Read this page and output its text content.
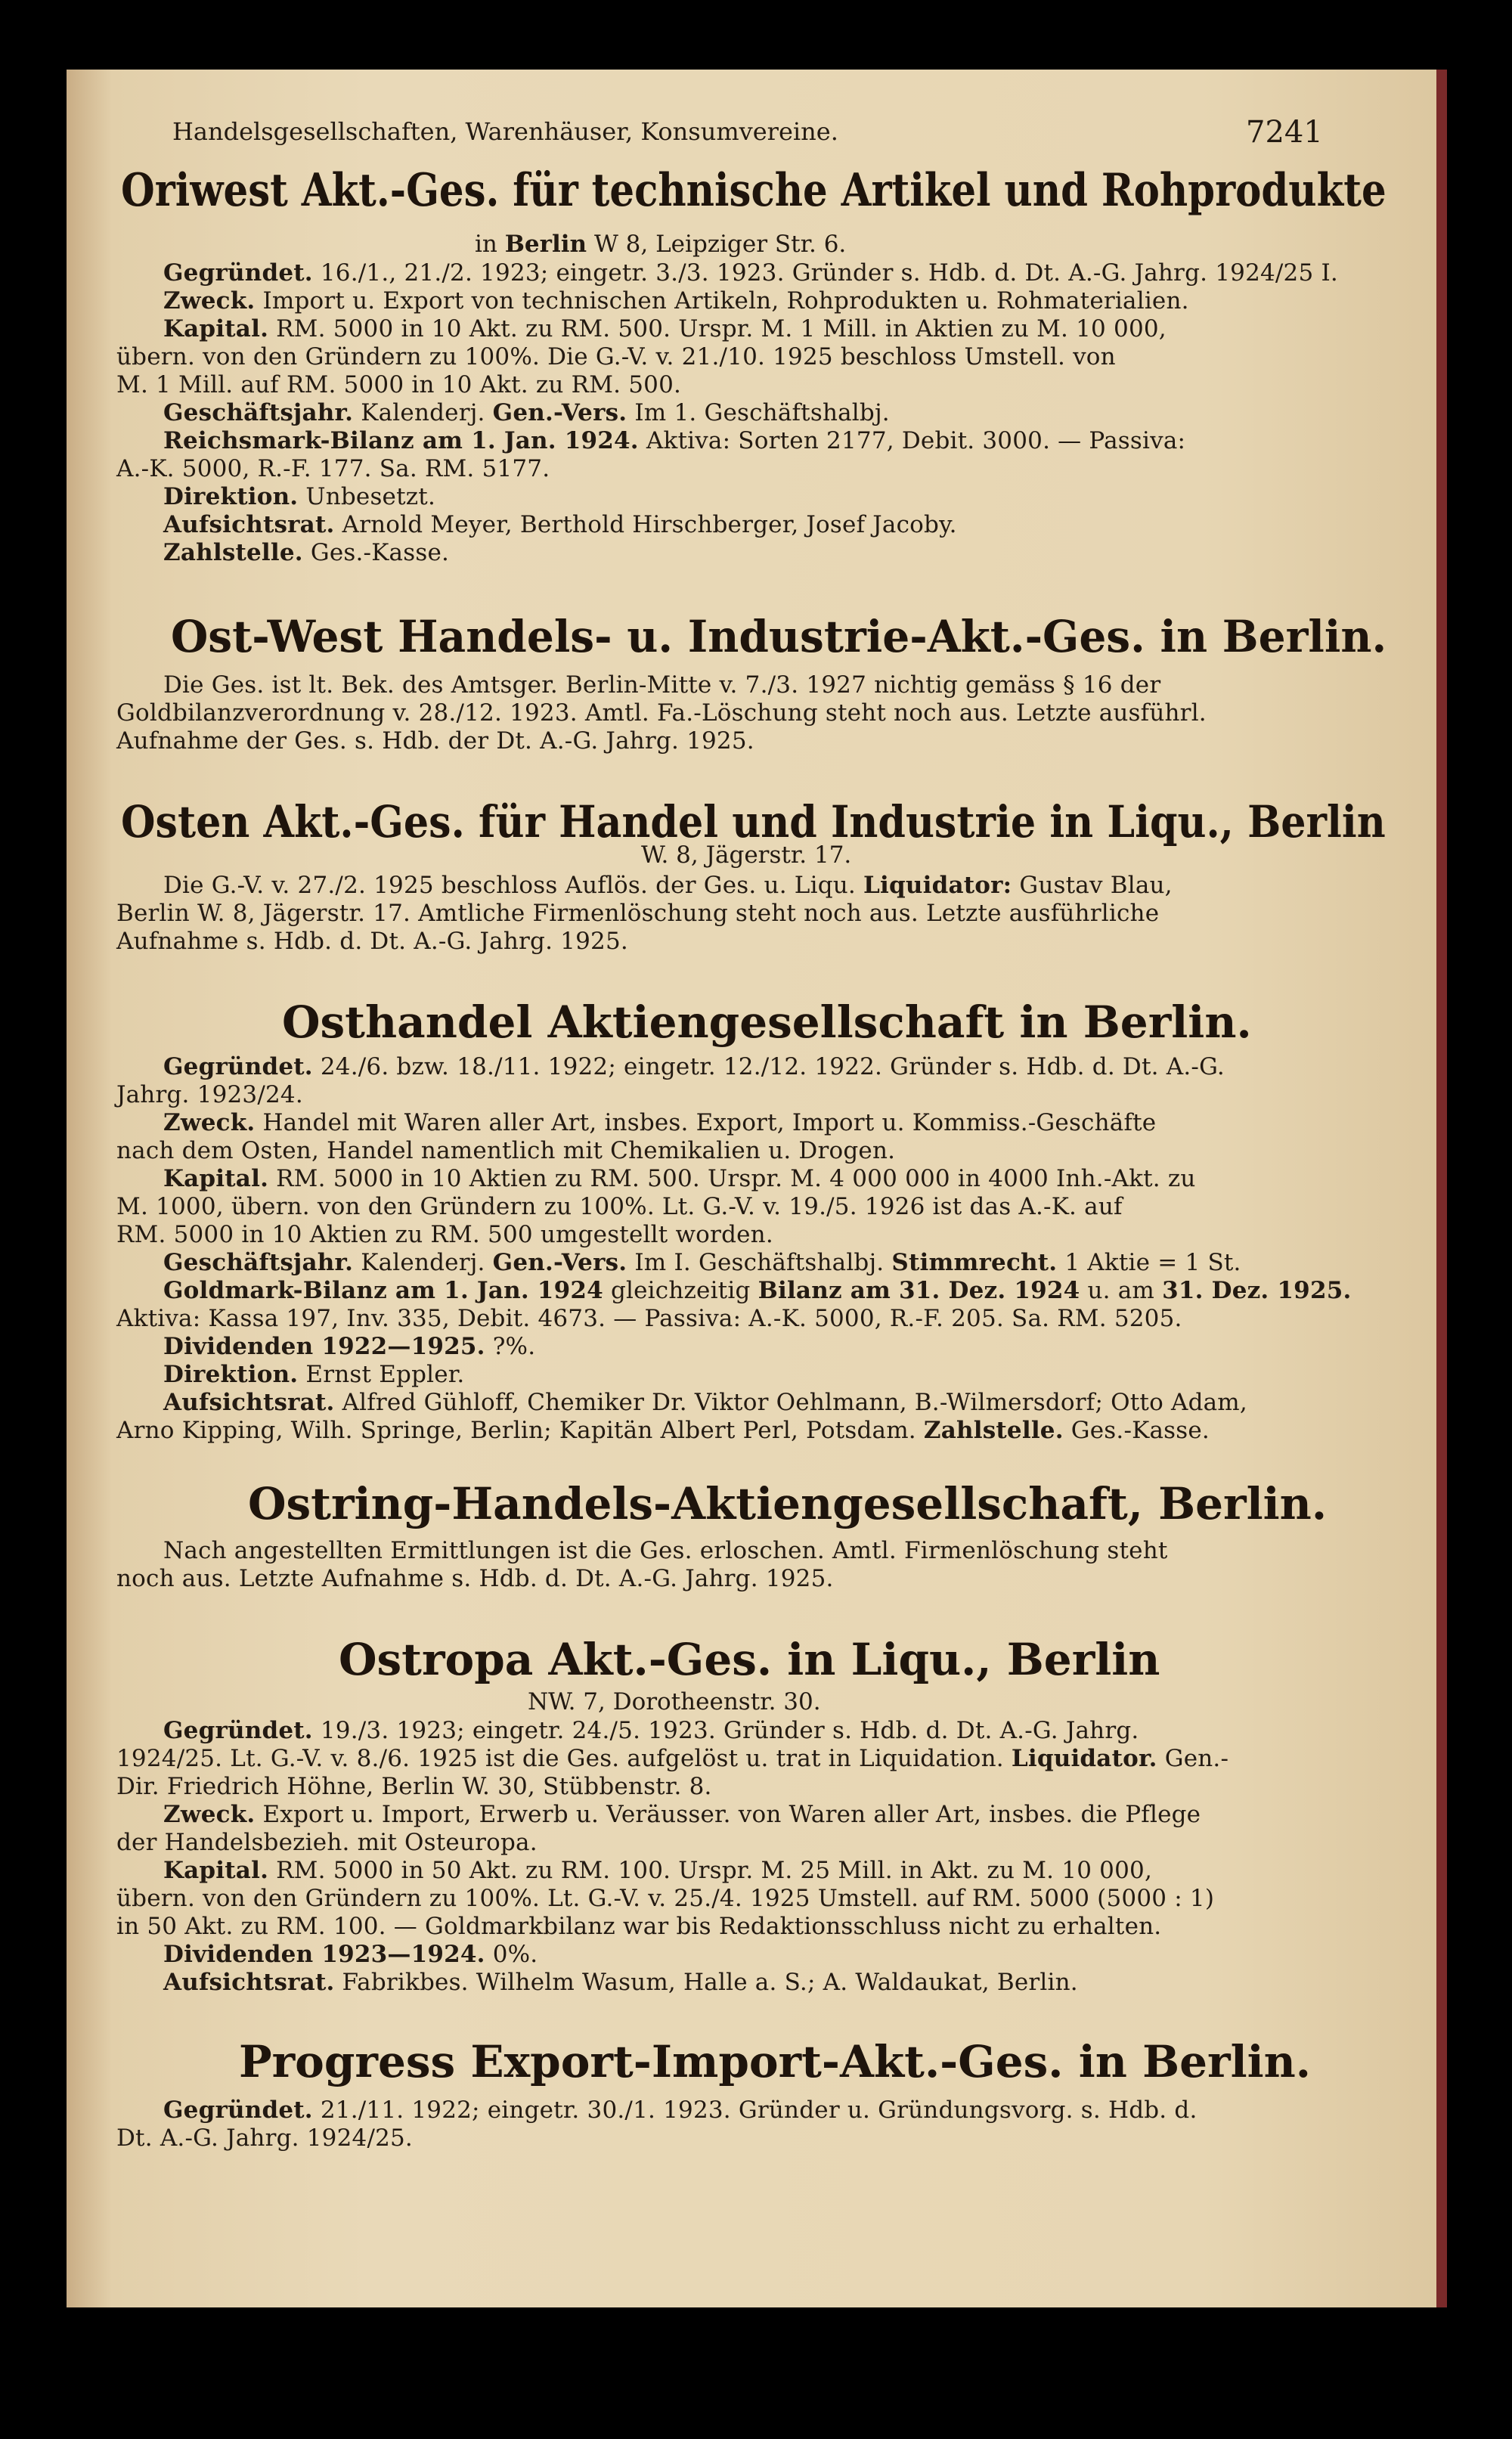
Handelsgesellschaften, Warenhäuser, Konsumvereine.	7241
Oriwest Akt.-Ges. für technische Artikel und Rohprodukte
in Berlin W 8, Leipziger Str. 6.
Gegründet. 16./1., 21./2. 1923; eingetr. 3./3. 1923. Gründer s. Hdb. d. Dt. A.-G. Jahrg. 1924/25 I.
Zweck. Import u. Export von technischen Artikeln, Rohprodukten u. Rohmaterialien.
Kapital. RM. 5000 in 10 Akt. zu RM. 500. Urspr. M. 1 Mill. in Aktien zu M. 10 000,
übern. von den Gründern zu 100%. Die G.-V. v. 21./10. 1925 beschloss Umstell. von
M. 1 Mill. auf RM. 5000 in 10 Akt. zu RM. 500.
Geschäftsjahr. Kalenderj. Gen.-Vers. Im 1. Geschäftshalbj.
Reichsmark-Bilanz am 1. Jan. 1924. Aktiva: Sorten 2177, Debit. 3000. — Passiva:
A.-K. 5000, R.-F. 177. Sa. RM. 5177.
Direktion. Unbesetzt.
Aufsichtsrat. Arnold Meyer, Berthold Hirschberger, Josef Jacoby.
Zahlstelle. Ges.-Kasse.
Ost-West Handels- u. Industrie-Akt.-Ges. in Berlin.
Die Ges. ist lt. Bek. des Amtsger. Berlin-Mitte v. 7./3. 1927 nichtig gemäss § 16 der
Goldbilanzverordnung v. 28./12. 1923. Amtl. Fa.-Löschung steht noch aus. Letzte ausführl.
Aufnahme der Ges. s. Hdb. der Dt. A.-G. Jahrg. 1925.
Osten Akt.-Ges. für Handel und Industrie in Liqu., Berlin
W. 8, Jägerstr. 17.
Die G.-V. v. 27./2. 1925 beschloss Auflös. der Ges. u. Liqu. Liquidator: Gustav Blau,
Berlin W. 8, Jägerstr. 17. Amtliche Firmenlöschung steht noch aus. Letzte ausführliche
Aufnahme s. Hdb. d. Dt. A.-G. Jahrg. 1925.
Osthandel Aktiengesellschaft in Berlin.
Gegründet. 24./6. bzw. 18./11. 1922; eingetr. 12./12. 1922. Gründer s. Hdb. d. Dt. A.-G.
Jahrg. 1923/24.
Zweck. Handel mit Waren aller Art, insbes. Export, Import u. Kommiss.-Geschäfte
nach dem Osten, Handel namentlich mit Chemikalien u. Drogen.
Kapital. RM. 5000 in 10 Aktien zu RM. 500. Urspr. M. 4 000 000 in 4000 Inh.-Akt. zu
M. 1000, übern. von den Gründern zu 100%. Lt. G.-V. v. 19./5. 1926 ist das A.-K. auf
RM. 5000 in 10 Aktien zu RM. 500 umgestellt worden.
Geschäftsjahr. Kalenderj. Gen.-Vers. Im I. Geschäftshalbj. Stimmrecht. 1 Aktie = 1 St.
Goldmark-Bilanz am 1. Jan. 1924 gleichzeitig Bilanz am 31. Dez. 1924 u. am 31. Dez. 1925.
Aktiva: Kassa 197, Inv. 335, Debit. 4673. — Passiva: A.-K. 5000, R.-F. 205. Sa. RM. 5205.
Dividenden 1922—1925. ?%.
Direktion. Ernst Eppler.
Aufsichtsrat. Alfred Gühloff, Chemiker Dr. Viktor Oehlmann, B.-Wilmersdorf; Otto Adam,
Arno Kipping, Wilh. Springe, Berlin; Kapitän Albert Perl, Potsdam. Zahlstelle. Ges.-Kasse.
Ostring-Handels-Aktiengesellschaft, Berlin.
Nach angestellten Ermittlungen ist die Ges. erloschen. Amtl. Firmenlöschung steht
noch aus. Letzte Aufnahme s. Hdb. d. Dt. A.-G. Jahrg. 1925.
Ostropa Akt.-Ges. in Liqu., Berlin
NW. 7, Dorotheenstr. 30.
Gegründet. 19./3. 1923; eingetr. 24./5. 1923. Gründer s. Hdb. d. Dt. A.-G. Jahrg.
1924/25. Lt. G.-V. v. 8./6. 1925 ist die Ges. aufgelöst u. trat in Liquidation. Liquidator. Gen.-
Dir. Friedrich Höhne, Berlin W. 30, Stübbenstr. 8.
Zweck. Export u. Import, Erwerb u. Veräusser. von Waren aller Art, insbes. die Pflege
der Handelsbezieh. mit Osteuropa.
Kapital. RM. 5000 in 50 Akt. zu RM. 100. Urspr. M. 25 Mill. in Akt. zu M. 10 000,
übern. von den Gründern zu 100%. Lt. G.-V. v. 25./4. 1925 Umstell. auf RM. 5000 (5000 : 1)
in 50 Akt. zu RM. 100. — Goldmarkbilanz war bis Redaktionsschluss nicht zu erhalten.
Dividenden 1923—1924. 0%.
Aufsichtsrat. Fabrikbes. Wilhelm Wasum, Halle a. S.; A. Waldaukat, Berlin.
Progress Export-Import-Akt.-Ges. in Berlin.
Gegründet. 21./11. 1922; eingetr. 30./1. 1923. Gründer u. Gründungsvorg. s. Hdb. d.
Dt. A.-G. Jahrg. 1924/25.
